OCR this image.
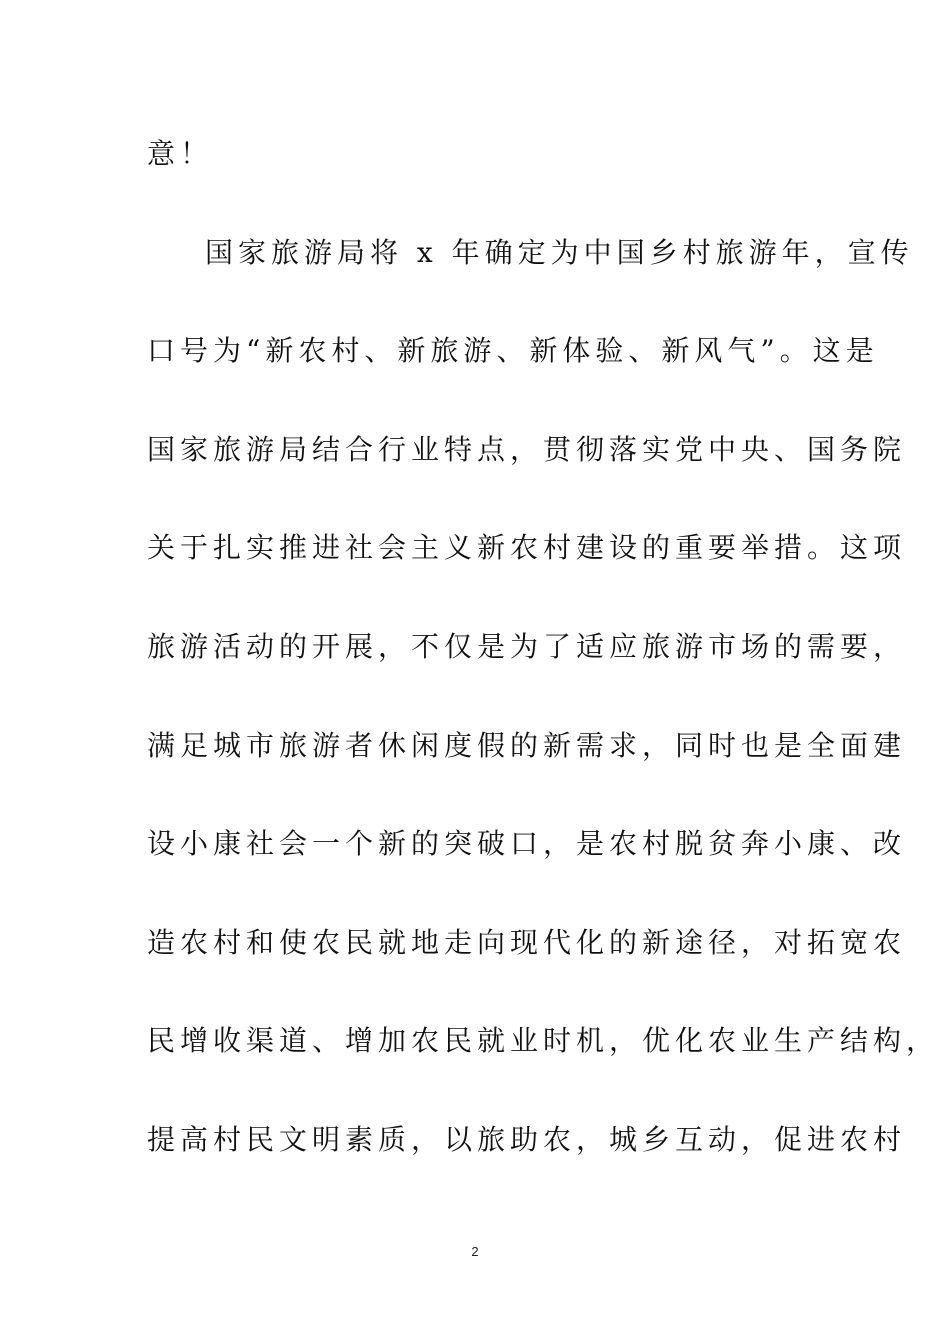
意！
国家旅游局将 x 年确定为中国乡村旅游年，宣传
口号为“新农村、新旅游、新体验、新风气”。这是
国家旅游局结合行业特点，贯彻落实党中央、国务院
关于扎实推进社会主义新农村建设的重要举措。这项
旅游活动的开展，不仅是为了适应旅游市场的需要，
满足城市旅游者休闲度假的新需求，同时也是全面建
设小康社会一个新的突破口，是农村脱贫奔小康、改
造农村和使农民就地走向现代化的新途径，对拓宽农
民增收渠道、增加农民就业时机，优化农业生产结构，
提高村民文明素质，以旅助农，城乡互动，促进农村
2
